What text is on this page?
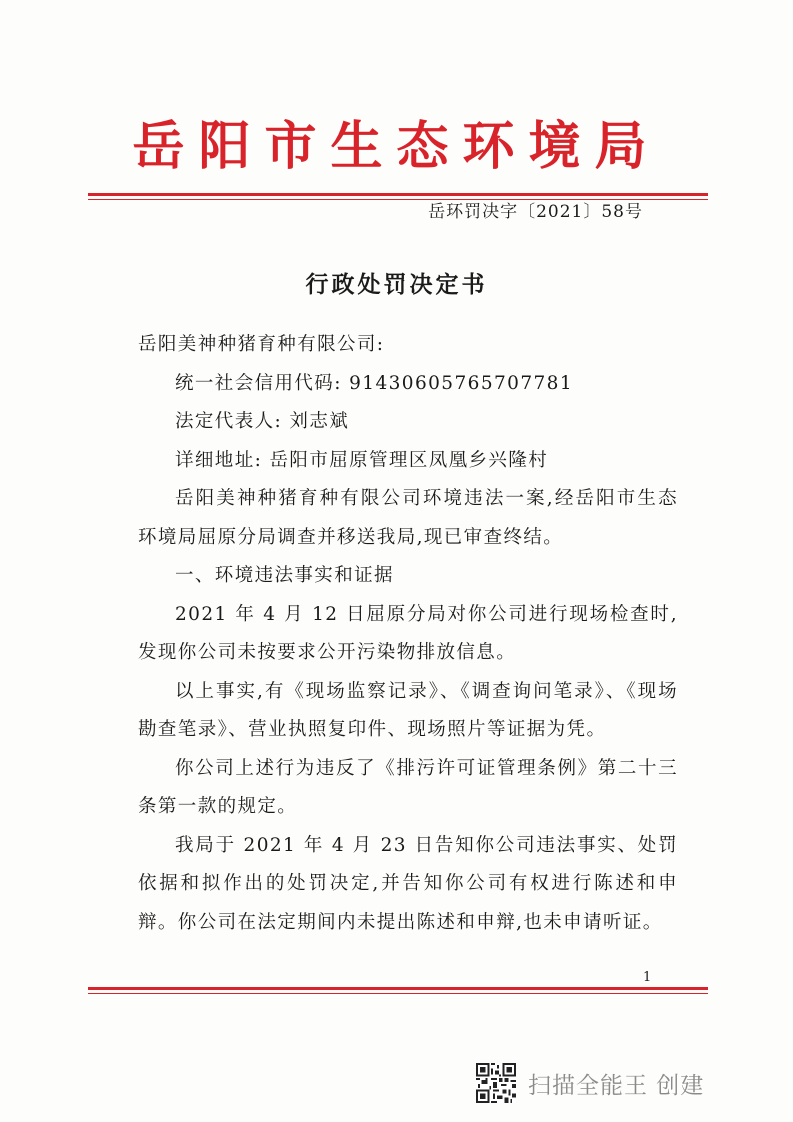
岳阳市生态环境局
岳环罚决字〔2021〕58号
行政处罚决定书

岳阳美神种猪育种有限公司:

统一社会信用代码: 91430605765707781

法定代表人: 刘志斌

详细地址: 岳阳市屈原管理区凤凰乡兴隆村

岳阳美神种猪育种有限公司环境违法一案,经岳阳市生态环境局屈原分局调查并移送我局,现已审查终结。

一、环境违法事实和证据

2021 年 4 月 12 日屈原分局对你公司进行现场检查时,发现你公司未按要求公开污染物排放信息。

以上事实,有《现场监察记录》、《调查询问笔录》、《现场勘查笔录》、营业执照复印件、现场照片等证据为凭。

你公司上述行为违反了《排污许可证管理条例》第二十三条第一款的规定。

我局于 2021 年 4 月 23 日告知你公司违法事实、处罚依据和拟作出的处罚决定,并告知你公司有权进行陈述和申辩。你公司在法定期间内未提出陈述和申辩,也未申请听证。

1
扫描全能王 创建
